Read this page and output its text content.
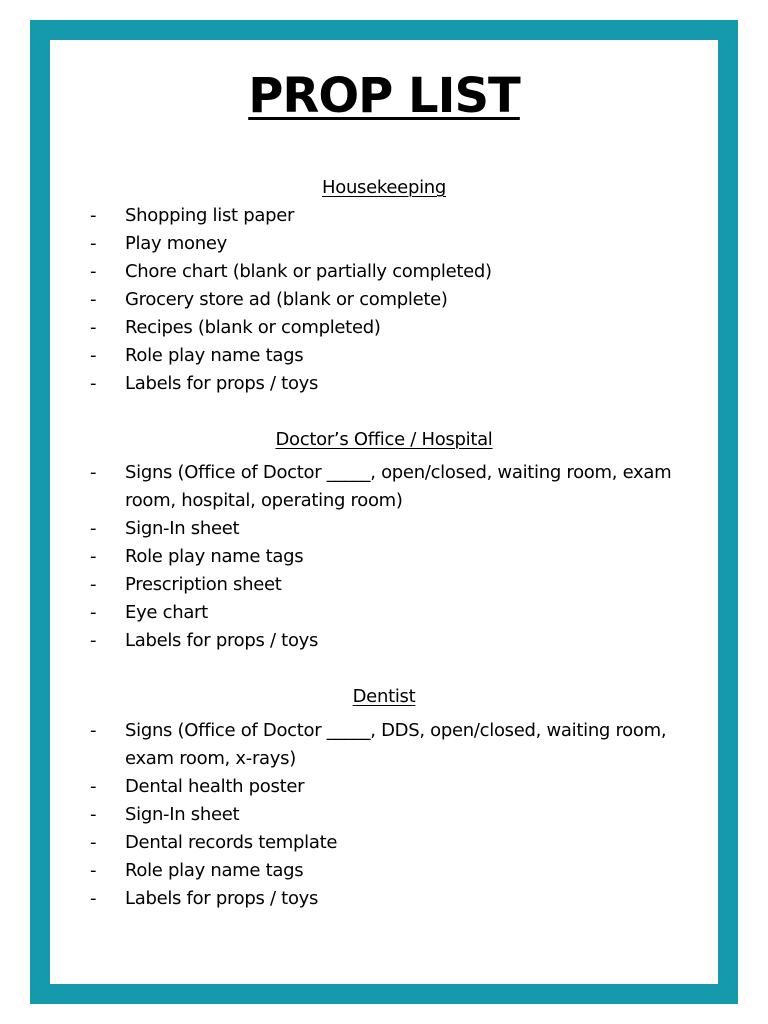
PROP LIST
Housekeeping
- Shopping list paper
- Play money
- Chore chart (blank or partially completed)
- Grocery store ad (blank or complete)
- Recipes (blank or completed)
- Role play name tags
- Labels for props / toys
Doctor’s Office / Hospital
- Signs (Office of Doctor _____, open/closed, waiting room, exam room, hospital, operating room)
- Sign-In sheet
- Role play name tags
- Prescription sheet
- Eye chart
- Labels for props / toys
Dentist
- Signs (Office of Doctor _____, DDS, open/closed, waiting room, exam room, x-rays)
- Dental health poster
- Sign-In sheet
- Dental records template
- Role play name tags
- Labels for props / toys
